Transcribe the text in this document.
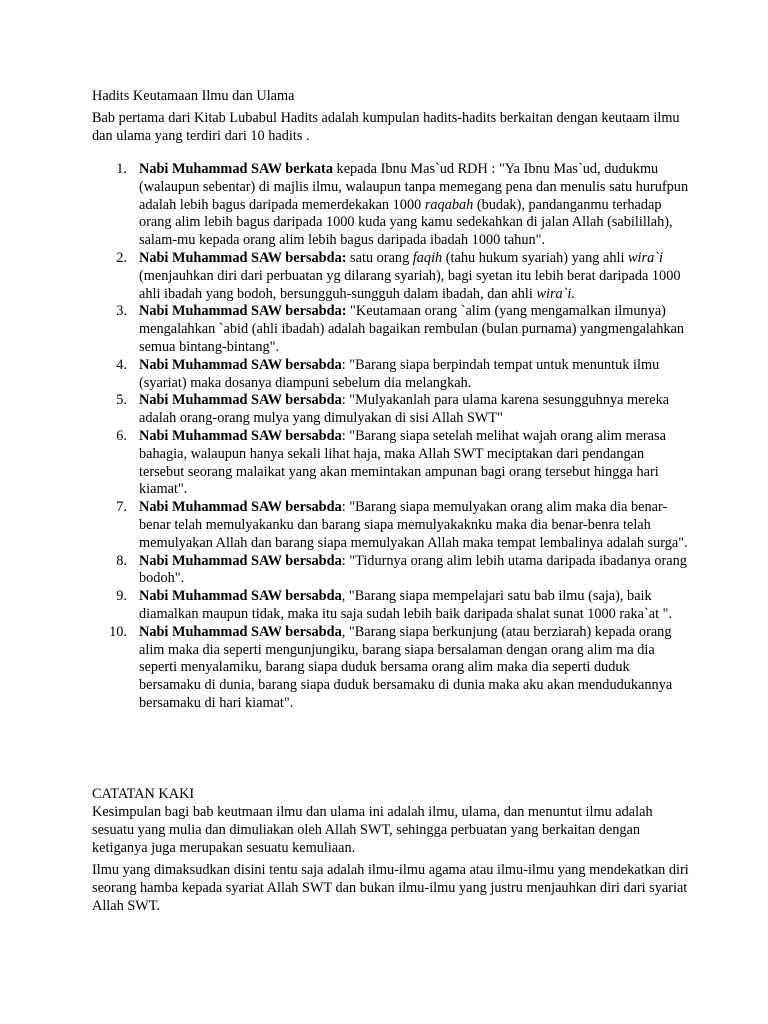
Hadits Keutamaan Ilmu dan Ulama

Bab pertama dari Kitab Lubabul Hadits adalah kumpulan hadits-hadits berkaitan dengan keutaam ilmu dan ulama yang terdiri dari 10 hadits .

1. Nabi Muhammad SAW berkata kepada Ibnu Mas`ud RDH : "Ya Ibnu Mas`ud, dudukmu (walaupun sebentar) di majlis ilmu, walaupun tanpa memegang pena dan menulis satu hurufpun adalah lebih bagus daripada memerdekakan 1000 raqabah (budak), pandanganmu terhadap orang alim lebih bagus daripada 1000 kuda yang kamu sedekahkan di jalan Allah (sabilillah), salam-mu kepada orang alim lebih bagus daripada ibadah 1000 tahun".
2. Nabi Muhammad SAW bersabda: satu orang faqih (tahu hukum syariah) yang ahli wira`i (menjauhkan diri dari perbuatan yg dilarang syariah), bagi syetan itu lebih berat daripada 1000 ahli ibadah yang bodoh, bersungguh-sungguh dalam ibadah, dan ahli wira`i.
3. Nabi Muhammad SAW bersabda: "Keutamaan orang `alim (yang mengamalkan ilmunya) mengalahkan `abid (ahli ibadah) adalah bagaikan rembulan (bulan purnama) yangmengalahkan semua bintang-bintang".
4. Nabi Muhammad SAW bersabda: "Barang siapa berpindah tempat untuk menuntuk ilmu (syariat) maka dosanya diampuni sebelum dia melangkah.
5. Nabi Muhammad SAW bersabda: "Mulyakanlah para ulama karena sesungguhnya mereka adalah orang-orang mulya yang dimulyakan di sisi Allah SWT"
6. Nabi Muhammad SAW bersabda: "Barang siapa setelah melihat wajah orang alim merasa bahagia, walaupun hanya sekali lihat haja, maka Allah SWT meciptakan dari pendangan tersebut seorang malaikat yang akan memintakan ampunan bagi orang tersebut hingga hari kiamat".
7. Nabi Muhammad SAW bersabda: "Barang siapa memulyakan orang alim maka dia benar-benar telah memulyakanku dan barang siapa memulyakaknku maka dia benar-benra telah memulyakan Allah dan barang siapa memulyakan Allah maka tempat lembalinya adalah surga".
8. Nabi Muhammad SAW bersabda: "Tidurnya orang alim lebih utama daripada ibadanya orang bodoh".
9. Nabi Muhammad SAW bersabda, "Barang siapa mempelajari satu bab ilmu (saja), baik diamalkan maupun tidak, maka itu saja sudah lebih baik daripada shalat sunat 1000 raka`at ".
10. Nabi Muhammad SAW bersabda, "Barang siapa berkunjung (atau berziarah) kepada orang alim maka dia seperti mengunjungiku, barang siapa bersalaman dengan orang alim ma dia seperti menyalamiku, barang siapa duduk bersama orang alim maka dia seperti duduk bersamaku di dunia, barang siapa duduk bersamaku di dunia maka aku akan mendudukannya bersamaku di hari kiamat".
CATATAN KAKI

Kesimpulan bagi bab keutmaan ilmu dan ulama ini adalah ilmu, ulama, dan menuntut ilmu adalah sesuatu yang mulia dan dimuliakan oleh Allah SWT, sehingga perbuatan yang berkaitan dengan ketiganya juga merupakan sesuatu kemuliaan.

Ilmu yang dimaksudkan disini tentu saja adalah ilmu-ilmu agama atau ilmu-ilmu yang mendekatkan diri seorang hamba kepada syariat Allah SWT dan bukan ilmu-ilmu yang justru menjauhkan diri dari syariat Allah SWT.
